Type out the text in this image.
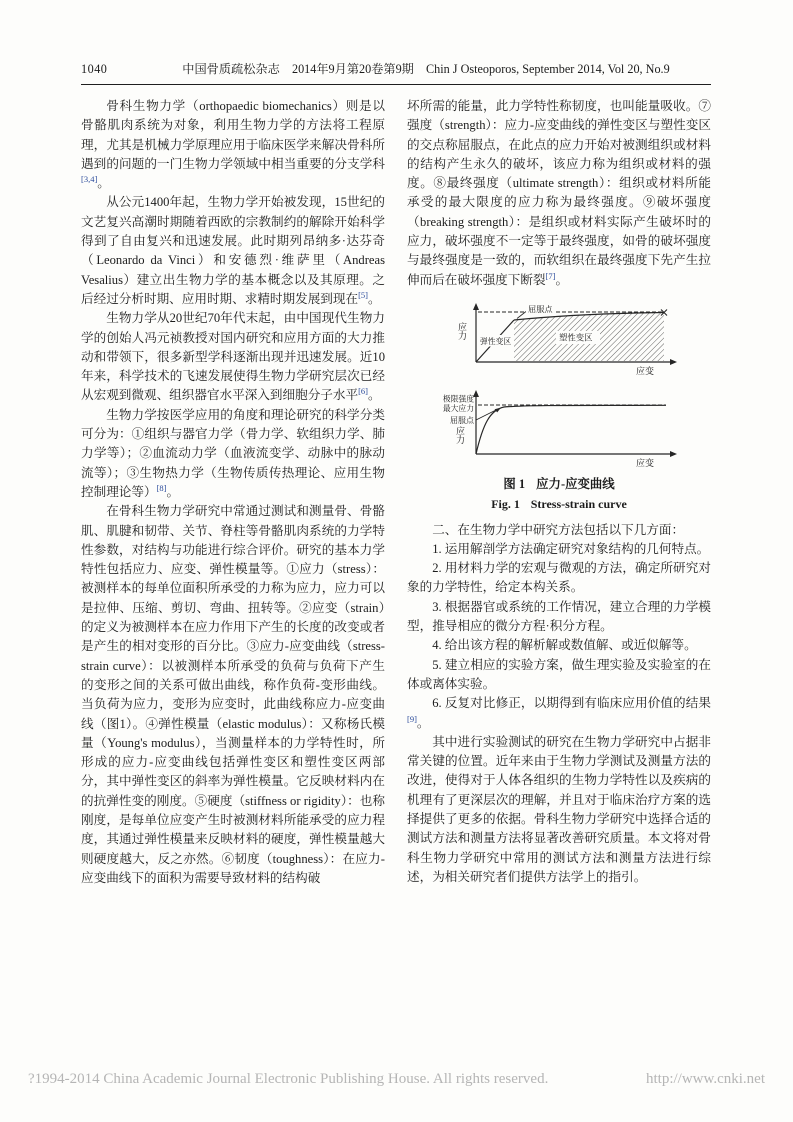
1040	中国骨质疏松杂志　2014年9月第20卷第9期　Chin J Osteoporos, September 2014, Vol 20, No.9

骨科生物力学（orthopaedic biomechanics）则是以骨骼肌肉系统为对象，利用生物力学的方法将工程原理，尤其是机械力学原理应用于临床医学来解决骨科所遇到的问题的一门生物力学领域中相当重要的分支学科[3,4]。

从公元1400年起，生物力学开始被发现，15世纪的文艺复兴高潮时期随着西欧的宗教制约的解除开始科学得到了自由复兴和迅速发展。此时期列昂纳多·达芬奇（Leonardo da Vinci）和安德烈·维萨里（Andreas Vesalius）建立出生物力学的基本概念以及其原理。之后经过分析时期、应用时期、求精时期发展到现在[5]。

生物力学从20世纪70年代末起，由中国现代生物力学的创始人冯元祯教授对国内研究和应用方面的大力推动和带领下，很多新型学科逐渐出现并迅速发展。近10年来，科学技术的飞速发展使得生物力学研究层次已经从宏观到微观、组织器官水平深入到细胞分子水平[6]。

生物力学按医学应用的角度和理论研究的科学分类可分为：①组织与器官力学（骨力学、软组织力学、肺力学等）；②血流动力学（血液流变学、动脉中的脉动流等）；③生物热力学（生物传质传热理论、应用生物控制理论等）[8]。

在骨科生物力学研究中常通过测试和测量骨、骨骼肌、肌腱和韧带、关节、脊柱等骨骼肌肉系统的力学特性参数，对结构与功能进行综合评价。研究的基本力学特性包括应力、应变、弹性模量等。①应力（stress）：被测样本的每单位面积所承受的力称为应力，应力可以是拉伸、压缩、剪切、弯曲、扭转等。②应变（strain）的定义为被测样本在应力作用下产生的长度的改变或者是产生的相对变形的百分比。③应力-应变曲线（stress-strain curve）：以被测样本所承受的负荷与负荷下产生的变形之间的关系可做出曲线，称作负荷-变形曲线。当负荷为应力，变形为应变时，此曲线称应力-应变曲线（图1）。④弹性模量（elastic modulus）：又称杨氏模量（Young's modulus），当测量样本的力学特性时，所形成的应力-应变曲线包括弹性变区和塑性变区两部分，其中弹性变区的斜率为弹性模量。它反映材料内在的抗弹性变的刚度。⑤硬度（stiffness or rigidity）：也称刚度，是每单位应变产生时被测材料所能承受的应力程度，其通过弹性模量来反映材料的硬度，弹性模量越大则硬度越大，反之亦然。⑥韧度（toughness）：在应力-应变曲线下的面积为需要导致材料的结构破

坏所需的能量，此力学特性称韧度，也叫能量吸收。⑦强度（strength）：应力-应变曲线的弹性变区与塑性变区的交点称屈服点，在此点的应力开始对被测组织或材料的结构产生永久的破坏，该应力称为组织或材料的强度。⑧最终强度（ultimate strength）：组织或材料所能承受的最大限度的应力称为最终强度。⑨破坏强度（breaking strength）：是组织或材料实际产生破坏时的应力，破坏强度不一定等于最终强度，如骨的破坏强度与最终强度是一致的，而软组织在最终强度下先产生拉伸而后在破坏强度下断裂[7]。

屈服点
弹性变区	塑性变区
应力
应变
极限强度
最大应力
屈服点
应力
应变
图 1 应力-应变曲线
Fig. 1 Stress-strain curve

二、在生物力学中研究方法包括以下几方面：

1. 运用解剖学方法确定研究对象结构的几何特点。

2. 用材料力学的宏观与微观的方法，确定所研究对象的力学特性，给定本构关系。

3. 根据器官或系统的工作情况，建立合理的力学模型，推导相应的微分方程·积分方程。

4. 给出该方程的解析解或数值解、或近似解等。

5. 建立相应的实验方案，做生理实验及实验室的在体或离体实验。

6. 反复对比修正，以期得到有临床应用价值的结果[9]。

其中进行实验测试的研究在生物力学研究中占据非常关键的位置。近年来由于生物力学测试及测量方法的改进，使得对于人体各组织的生物力学特性以及疾病的机理有了更深层次的理解，并且对于临床治疗方案的选择提供了更多的依据。骨科生物力学研究中选择合适的测试方法和测量方法将显著改善研究质量。本文将对骨科生物力学研究中常用的测试方法和测量方法进行综述，为相关研究者们提供方法学上的指引。

?1994-2014 China Academic Journal Electronic Publishing House. All rights reserved.	http://www.cnki.net
